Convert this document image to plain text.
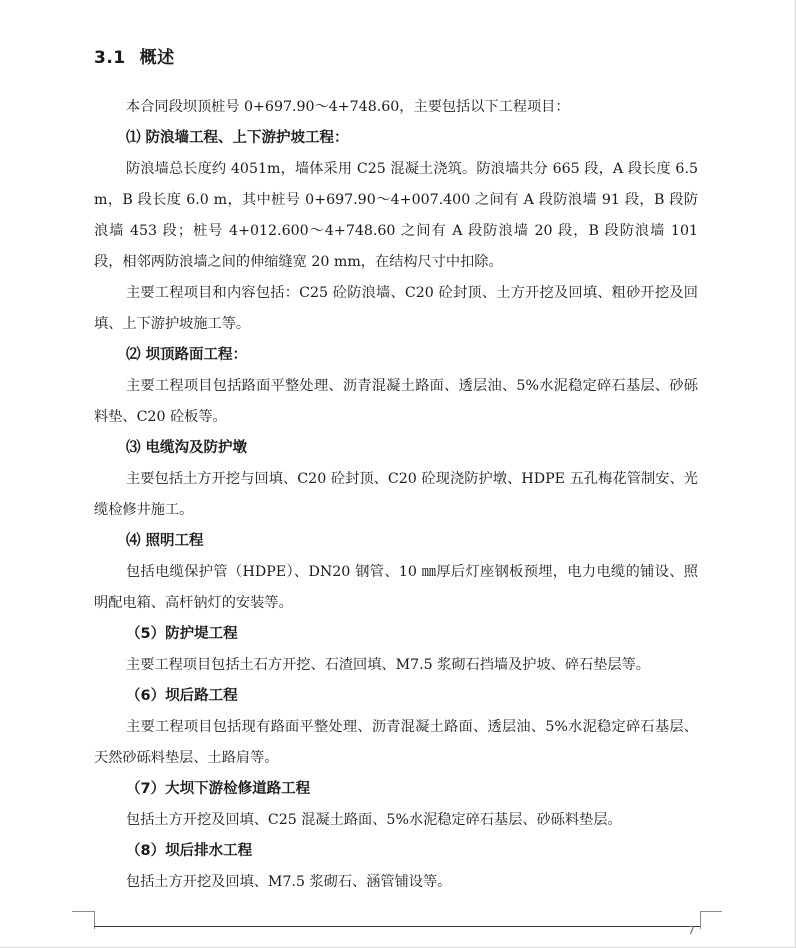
3.1 概述

本合同段坝顶桩号 0+697.90～4+748.60，主要包括以下工程项目：

⑴ 防浪墙工程、上下游护坡工程：

防浪墙总长度约 4051m，墙体采用 C25 混凝土浇筑。防浪墙共分 665 段，A 段长度 6.5 m，B 段长度 6.0 m，其中桩号 0+697.90～4+007.400 之间有 A 段防浪墙 91 段，B 段防浪墙 453 段；桩号 4+012.600～4+748.60 之间有 A 段防浪墙 20 段，B 段防浪墙 101 段，相邻两防浪墙之间的伸缩缝宽 20 mm，在结构尺寸中扣除。

主要工程项目和内容包括：C25 砼防浪墙、C20 砼封顶、土方开挖及回填、粗砂开挖及回填、上下游护坡施工等。

⑵ 坝顶路面工程：

主要工程项目包括路面平整处理、沥青混凝土路面、透层油、5%水泥稳定碎石基层、砂砾料垫、C20 砼板等。

⑶ 电缆沟及防护墩

主要包括土方开挖与回填、C20 砼封顶、C20 砼现浇防护墩、HDPE 五孔梅花管制安、光缆检修井施工。

⑷ 照明工程

包括电缆保护管（HDPE）、DN20 钢管、10 ㎜厚后灯座钢板预埋，电力电缆的铺设、照明配电箱、高杆钠灯的安装等。

（5）防护堤工程

主要工程项目包括土石方开挖、石渣回填、M7.5 浆砌石挡墙及护坡、碎石垫层等。

（6）坝后路工程

主要工程项目包括现有路面平整处理、沥青混凝土路面、透层油、5%水泥稳定碎石基层、天然砂砾料垫层、土路肩等。

（7）大坝下游检修道路工程

包括土方开挖及回填、C25 混凝土路面、5%水泥稳定碎石基层、砂砾料垫层。

（8）坝后排水工程

包括土方开挖及回填、M7.5 浆砌石、涵管铺设等。

7
